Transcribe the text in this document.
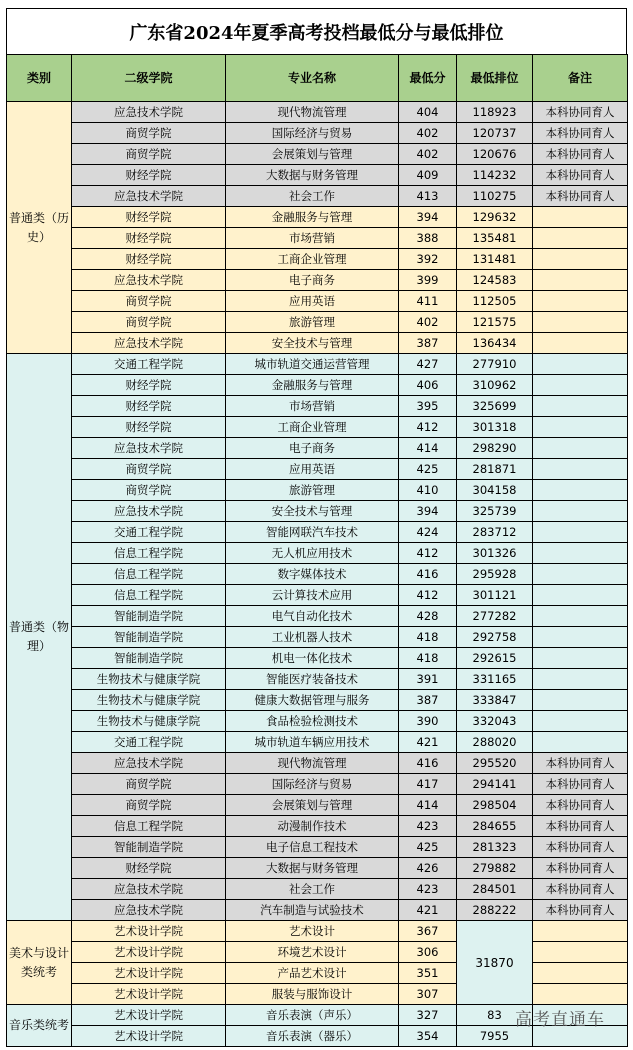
广东省2024年夏季高考投档最低分与最低排位
类别	二级学院	专业名称	最低分	最低排位	备注
普通类（历史）	应急技术学院	现代物流管理	404	118923	本科协同育人
	商贸学院	国际经济与贸易	402	120737	本科协同育人
	商贸学院	会展策划与管理	402	120676	本科协同育人
	财经学院	大数据与财务管理	409	114232	本科协同育人
	应急技术学院	社会工作	413	110275	本科协同育人
	财经学院	金融服务与管理	394	129632	
	财经学院	市场营销	388	135481	
	财经学院	工商企业管理	392	131481	
	应急技术学院	电子商务	399	124583	
	商贸学院	应用英语	411	112505	
	商贸学院	旅游管理	402	121575	
	应急技术学院	安全技术与管理	387	136434	
普通类（物理）	交通工程学院	城市轨道交通运营管理	427	277910	
	财经学院	金融服务与管理	406	310962	
	财经学院	市场营销	395	325699	
	财经学院	工商企业管理	412	301318	
	应急技术学院	电子商务	414	298290	
	商贸学院	应用英语	425	281871	
	商贸学院	旅游管理	410	304158	
	应急技术学院	安全技术与管理	394	325739	
	交通工程学院	智能网联汽车技术	424	283712	
	信息工程学院	无人机应用技术	412	301326	
	信息工程学院	数字媒体技术	416	295928	
	信息工程学院	云计算技术应用	412	301121	
	智能制造学院	电气自动化技术	428	277282	
	智能制造学院	工业机器人技术	418	292758	
	智能制造学院	机电一体化技术	418	292615	
	生物技术与健康学院	智能医疗装备技术	391	331165	
	生物技术与健康学院	健康大数据管理与服务	387	333847	
	生物技术与健康学院	食品检验检测技术	390	332043	
	交通工程学院	城市轨道车辆应用技术	421	288020	
	应急技术学院	现代物流管理	416	295520	本科协同育人
	商贸学院	国际经济与贸易	417	294141	本科协同育人
	商贸学院	会展策划与管理	414	298504	本科协同育人
	信息工程学院	动漫制作技术	423	284655	本科协同育人
	智能制造学院	电子信息工程技术	425	281323	本科协同育人
	财经学院	大数据与财务管理	426	279882	本科协同育人
	应急技术学院	社会工作	423	284501	本科协同育人
	应急技术学院	汽车制造与试验技术	421	288222	本科协同育人
美术与设计类统考	艺术设计学院	艺术设计	367	31870	
	艺术设计学院	环境艺术设计	306		
	艺术设计学院	产品艺术设计	351		
	艺术设计学院	服装与服饰设计	307		
音乐类统考	艺术设计学院	音乐表演（声乐）	327	83	
	艺术设计学院	音乐表演（器乐）	354	7955	
高考直通车
